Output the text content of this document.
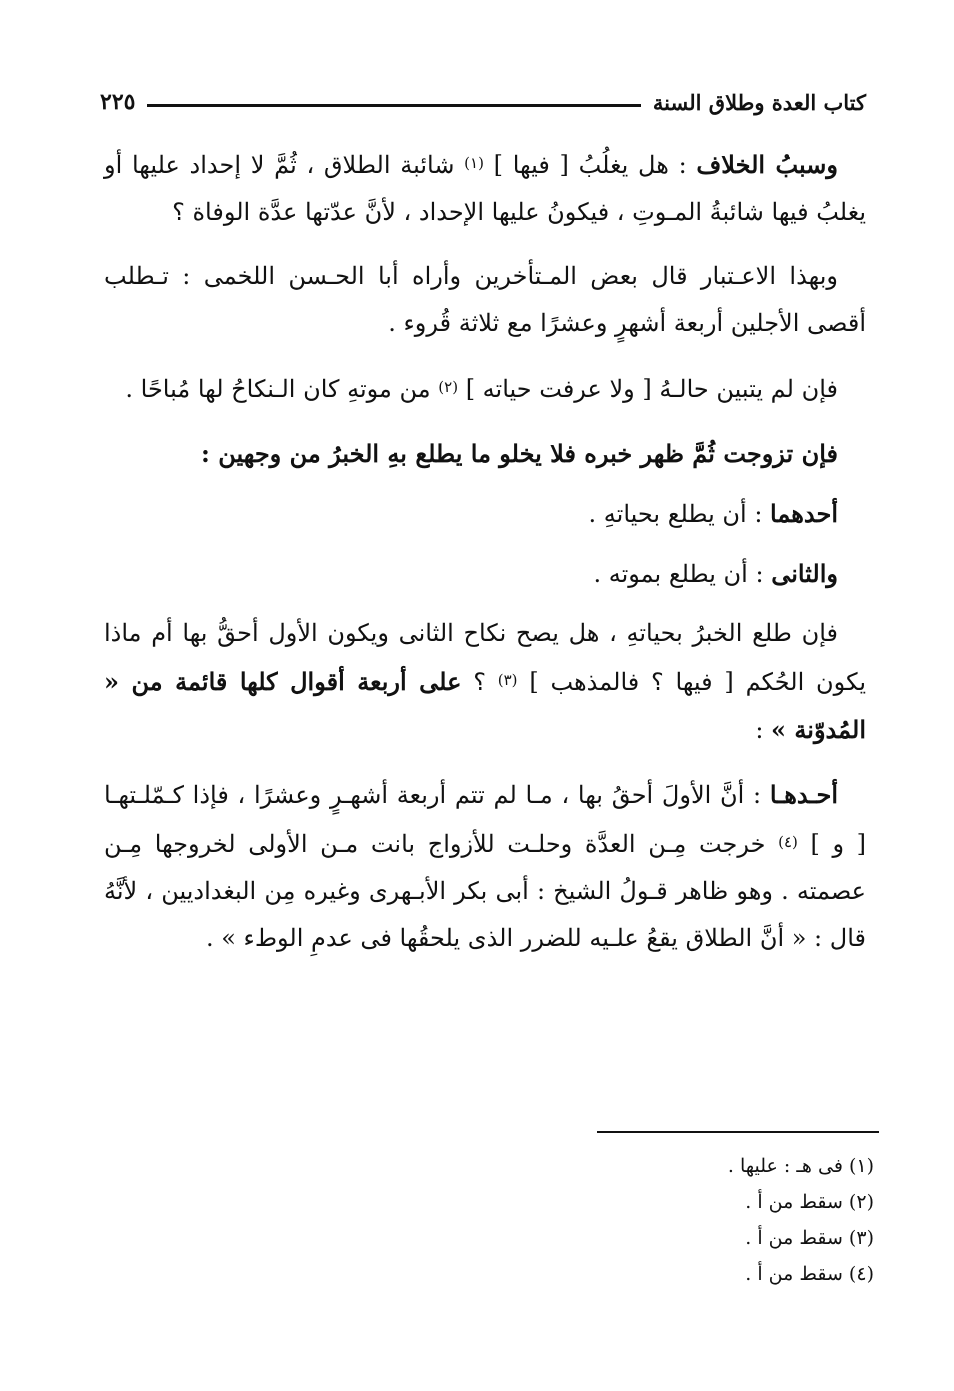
كتاب العدة وطلاق السنة
٢٢٥

وسببُ الخلاف : هل يغلُبُ [ فيها ] $^{(١)}$ شائبة الطلاق ، ثُمَّ لا إحداد عليها أو يغلبُ فيها شائبةُ المـوتِ ، فيكونُ عليها الإحداد ، لأنَّ عدّتها عدَّة الوفاة ؟

وبهذا الاعـتبار قال بعض المـتأخرين وأراه أبا الحـسن اللخمى : تـطلب أقصى الأجلين أربعة أشهرٍ وعشرًا مع ثلاثة قُروء .

فإن لم يتبين حالـهُ [ ولا عرفت حياته ] $^{(٢)}$ من موتهِ كان الـنكاحُ لها مُباحًا .

فإن تزوجت ثُمَّ ظهر خبره فلا يخلو ما يطلع بهِ الخبرُ من وجهين :

أحدهما : أن يطلع بحياتهِ .

والثانى : أن يطلع بموته .

فإن طلع الخبرُ بحياتهِ ، هل يصح نكاح الثانى ويكون الأول أحقُّ بها أم ماذا يكون الحُكم [ فيها ؟ فالمذهب ] $^{(٣)}$ ؟ على أربعة أقوال كلها قائمة من « المُدوّنة » :

أحـدهـا : أنَّ الأولَ أحقُ بها ، مـا لم تتم أربعة أشهـرٍ وعشرًا ، فإذا كـمّلـتهـا [ و ] $^{(٤)}$ خرجت مِـن العدَّة وحلـت للأزواج بانت مـن الأولى لخروجها مِـن عصمته . وهو ظاهر قـولُ الشيخ : أبى بكر الأبـهرى وغيره مِن البغداديين ، لأنَّهُ قال : « أنَّ الطلاق يقعُ علـيه للضرر الذى يلحقُها فى عدمِ الوطء » .

(١) فى هـ : عليها .

(٢) سقط من أ .

(٣) سقط من أ .

(٤) سقط من أ .
